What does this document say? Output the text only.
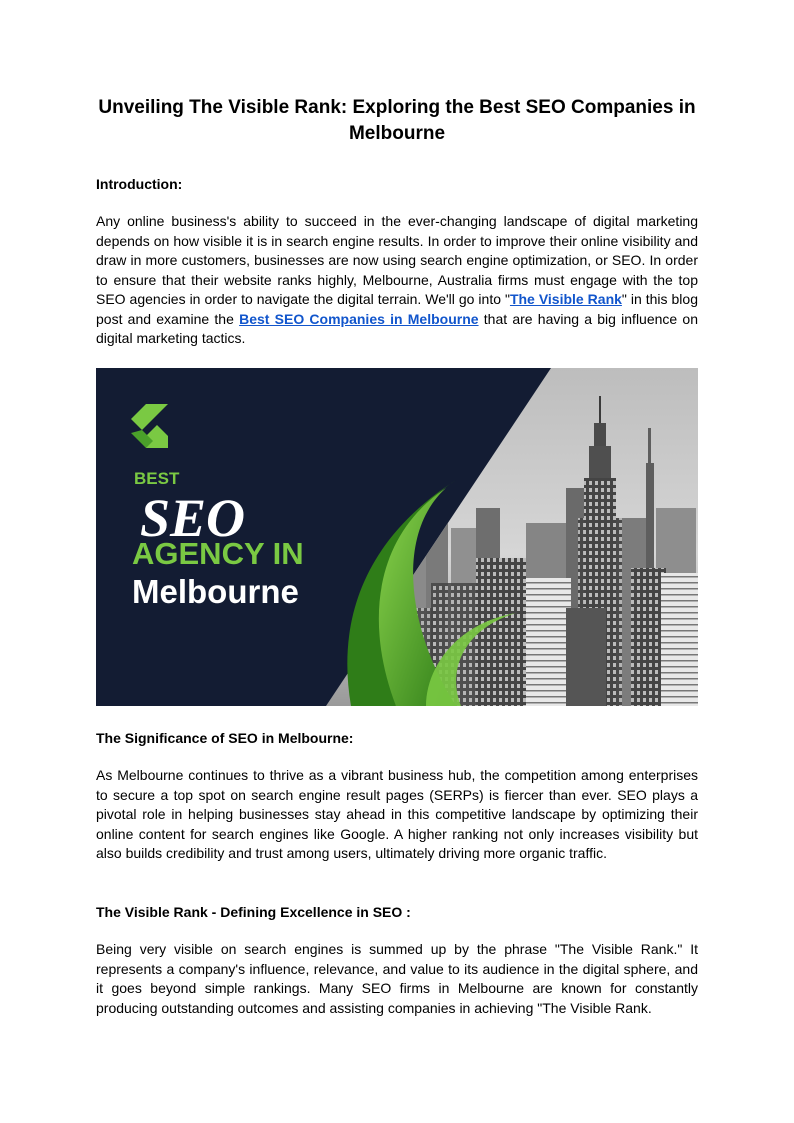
Unveiling The Visible Rank: Exploring the Best SEO Companies in Melbourne

Introduction:

Any online business's ability to succeed in the ever-changing landscape of digital marketing depends on how visible it is in search engine results. In order to improve their online visibility and draw in more customers, businesses are now using search engine optimization, or SEO. In order to ensure that their website ranks highly, Melbourne, Australia firms must engage with the top SEO agencies in order to navigate the digital terrain. We'll go into "The Visible Rank" in this blog post and examine the Best SEO Companies in Melbourne that are having a big influence on digital marketing tactics.

BEST
SEO
AGENCY IN
Melbourne

The Significance of SEO in Melbourne:

As Melbourne continues to thrive as a vibrant business hub, the competition among enterprises to secure a top spot on search engine result pages (SERPs) is fiercer than ever. SEO plays a pivotal role in helping businesses stay ahead in this competitive landscape by optimizing their online content for search engines like Google. A higher ranking not only increases visibility but also builds credibility and trust among users, ultimately driving more organic traffic.

The Visible Rank - Defining Excellence in SEO :

Being very visible on search engines is summed up by the phrase "The Visible Rank." It represents a company's influence, relevance, and value to its audience in the digital sphere, and it goes beyond simple rankings. Many SEO firms in Melbourne are known for constantly producing outstanding outcomes and assisting companies in achieving "The Visible Rank.
